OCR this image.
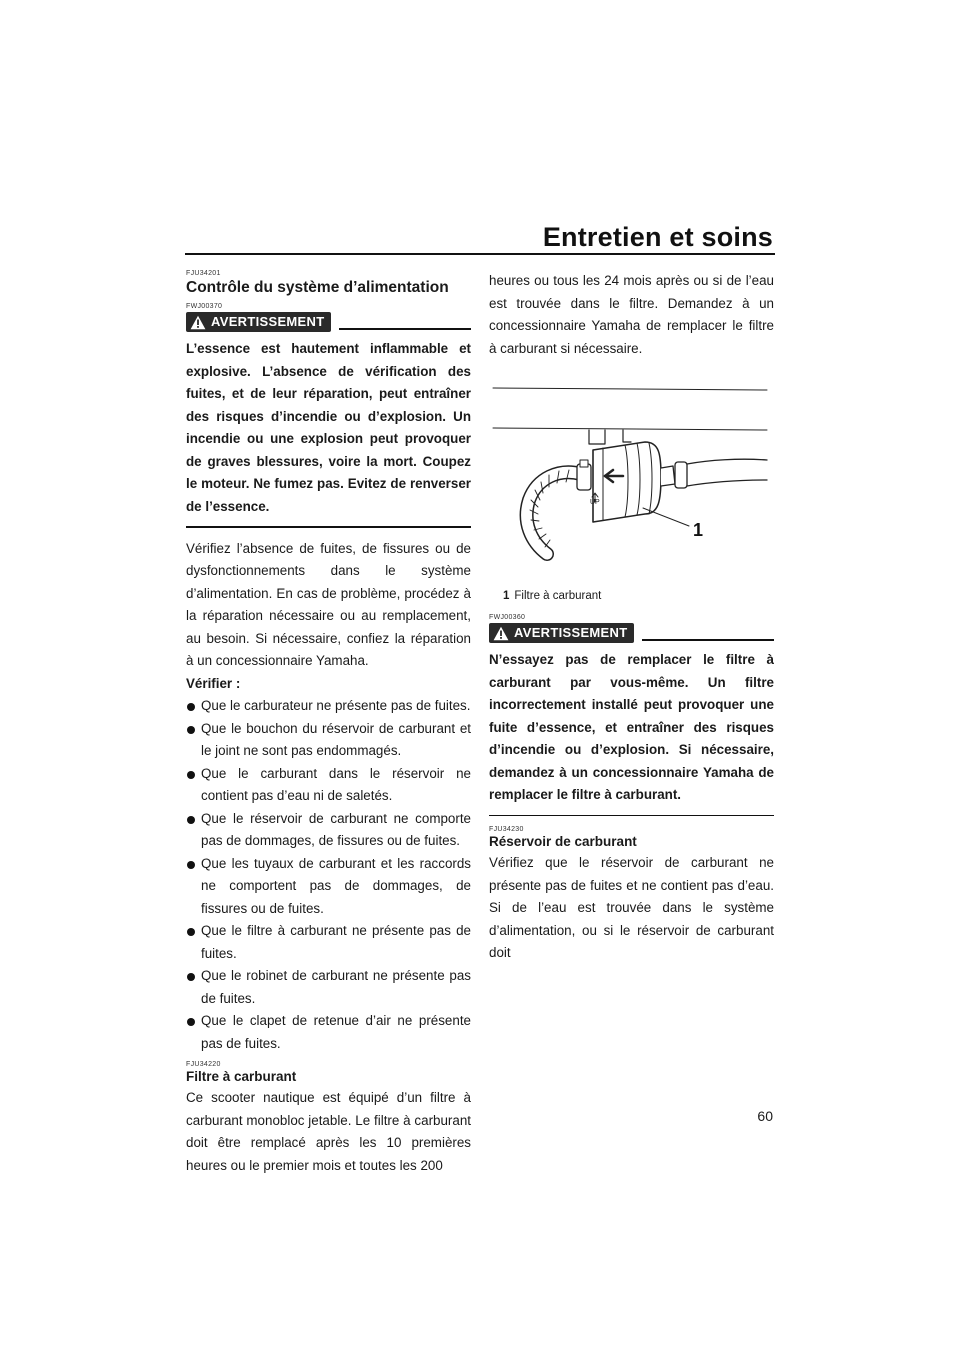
Entretien et soins
FJU34201
Contrôle du système d’alimentation
FWJ00370
AVERTISSEMENT

L’essence est hautement inflammable et explosive. L’absence de vérification des fuites, et de leur réparation, peut entraîner des risques d’incendie ou d’explosion. Un incendie ou une explosion peut provoquer de graves blessures, voire la mort. Coupez le moteur. Ne fumez pas. Evitez de renverser de l’essence.

Vérifiez l’absence de fuites, de fissures ou de dysfonctionnements dans le système d’alimentation. En cas de problème, procédez à la réparation nécessaire ou au remplacement, au besoin. Si nécessaire, confiez la réparation à un concessionnaire Yamaha.

Vérifier :

Que le carburateur ne présente pas de fuites.
Que le bouchon du réservoir de carburant et le joint ne sont pas endommagés.
Que le carburant dans le réservoir ne contient pas d’eau ni de saletés.
Que le réservoir de carburant ne comporte pas de dommages, de fissures ou de fuites.
Que les tuyaux de carburant et les raccords ne comportent pas de dommages, de fissures ou de fuites.
Que le filtre à carburant ne présente pas de fuites.
Que le robinet de carburant ne présente pas de fuites.
Que le clapet de retenue d’air ne présente pas de fuites.
FJU34220
Filtre à carburant

Ce scooter nautique est équipé d’un filtre à carburant monobloc jetable. Le filtre à carburant doit être remplacé après les 10 premières heures ou le premier mois et toutes les 200

heures ou tous les 24 mois après ou si de l’eau est trouvée dans le filtre. Demandez à un concessionnaire Yamaha de remplacer le filtre à carburant si nécessaire.

UP
1
1 Filtre à carburant
FWJ00360
AVERTISSEMENT

N’essayez pas de remplacer le filtre à carburant par vous-même. Un filtre incorrectement installé peut provoquer une fuite d’essence, et entraîner des risques d’incendie ou d’explosion. Si nécessaire, demandez à un concessionnaire Yamaha de remplacer le filtre à carburant.

FJU34230
Réservoir de carburant

Vérifiez que le réservoir de carburant ne présente pas de fuites et ne contient pas d’eau. Si de l’eau est trouvée dans le système d’alimentation, ou si le réservoir de carburant doit

60
